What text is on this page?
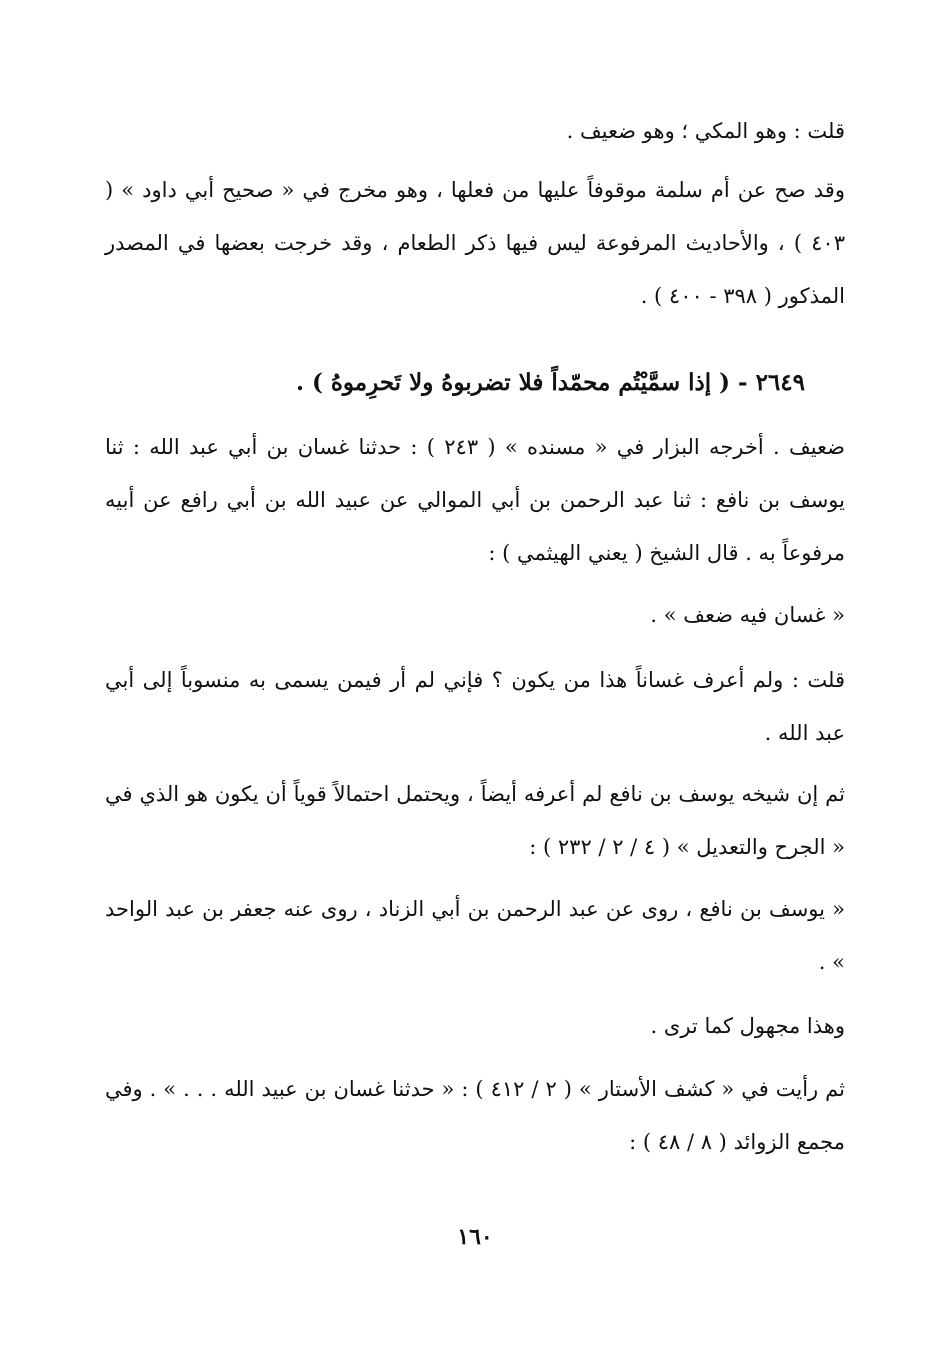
قلت : وهو المكي ؛ وهو ضعيف .
وقد صح عن أم سلمة موقوفاً عليها من فعلها ، وهو مخرج في « صحيح أبي داود » ( ٤٠٣ ) ، والأحاديث المرفوعة ليس فيها ذكر الطعام ، وقد خرجت بعضها في المصدر المذكور ( ٣٩٨ - ٤٠٠ ) .
٢٦٤٩ - ( إذا سمَّيْتُم محمّداً فلا تضربوهُ ولا تَحرِموهُ ) .
ضعيف . أخرجه البزار في « مسنده » ( ٢٤٣ ) : حدثنا غسان بن أبي عبد الله : ثنا يوسف بن نافع : ثنا عبد الرحمن بن أبي الموالي عن عبيد الله بن أبي رافع عن أبيه مرفوعاً به . قال الشيخ ( يعني الهيثمي ) :
« غسان فيه ضعف » .
قلت : ولم أعرف غساناً هذا من يكون ؟ فإني لم أر فيمن يسمى به منسوباً إلى أبي عبد الله .
ثم إن شيخه يوسف بن نافع لم أعرفه أيضاً ، ويحتمل احتمالاً قوياً أن يكون هو الذي في « الجرح والتعديل » ( ٤ / ٢ / ٢٣٢ ) :
« يوسف بن نافع ، روى عن عبد الرحمن بن أبي الزناد ، روى عنه جعفر بن عبد الواحد » .
وهذا مجهول كما ترى .
ثم رأيت في « كشف الأستار » ( ٢ / ٤١٢ ) : « حدثنا غسان بن عبيد الله . . . » . وفي مجمع الزوائد ( ٨ / ٤٨ ) :
١٦٠
